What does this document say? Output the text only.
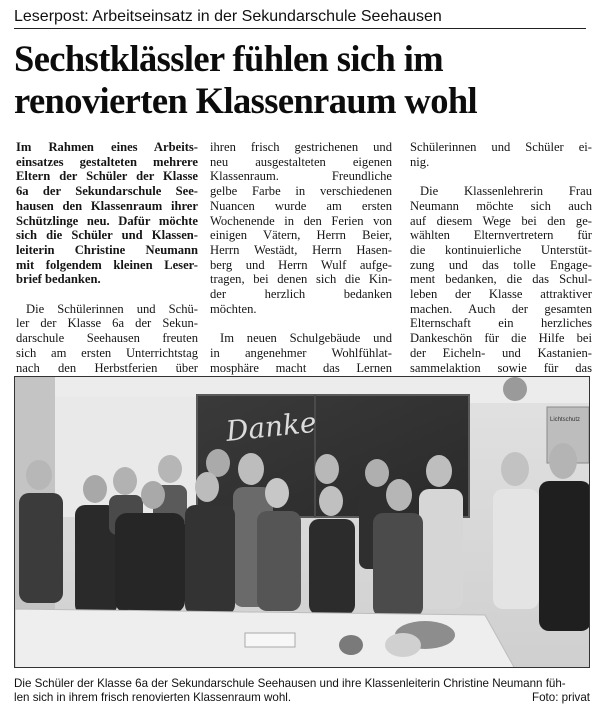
Leserpost: Arbeitseinsatz in der Sekundarschule Seehausen
Sechstklässler fühlen sich im
renovierten Klassenraum wohl
Im Rahmen eines Arbeits-
einsatzes gestalteten mehrere
Eltern der Schüler der Klasse
6a der Sekundarschule See-
hausen den Klassenraum ihrer
Schützlinge neu. Dafür möchte
sich die Schüler und Klassen-
leiterin Christine Neumann
mit folgendem kleinen Leser-
brief bedanken.
Die Schülerinnen und Schü-
ler der Klasse 6a der Sekun-
darschule Seehausen freuten
sich am ersten Unterrichtstag
nach den Herbstferien über
ihren frisch gestrichenen und
neu ausgestalteten eigenen
Klassenraum. Freundliche
gelbe Farbe in verschiedenen
Nuancen wurde am ersten
Wochenende in den Ferien von
einigen Vätern, Herrn Beier,
Herrn Westädt, Herrn Hasen-
berg und Herrn Wulf aufge-
tragen, bei denen sich die Kin-
der herzlich bedanken
möchten.
Im neuen Schulgebäude und
in angenehmer Wohlfühlat-
mosphäre macht das Lernen
Schülerinnen und Schüler ei-
nig.
Die Klassenlehrerin Frau
Neumann möchte sich auch
auf diesem Wege bei den ge-
wählten Elternvertretern für
die kontinuierliche Unterstüt-
zung und das tolle Engage-
ment bedanken, die das Schul-
leben der Klasse attraktiver
machen. Auch der gesamten
Elternschaft ein herzliches
Dankeschön für die Hilfe bei
der Eicheln- und Kastanien-
sammelaktion sowie für das
Danke	Lichtschutz
Die Schüler der Klasse 6a der Sekundarschule Seehausen und ihre Klassenleiterin Christine Neumann füh-
len sich in ihrem frisch renovierten Klassenraum wohl.	Foto: privat
